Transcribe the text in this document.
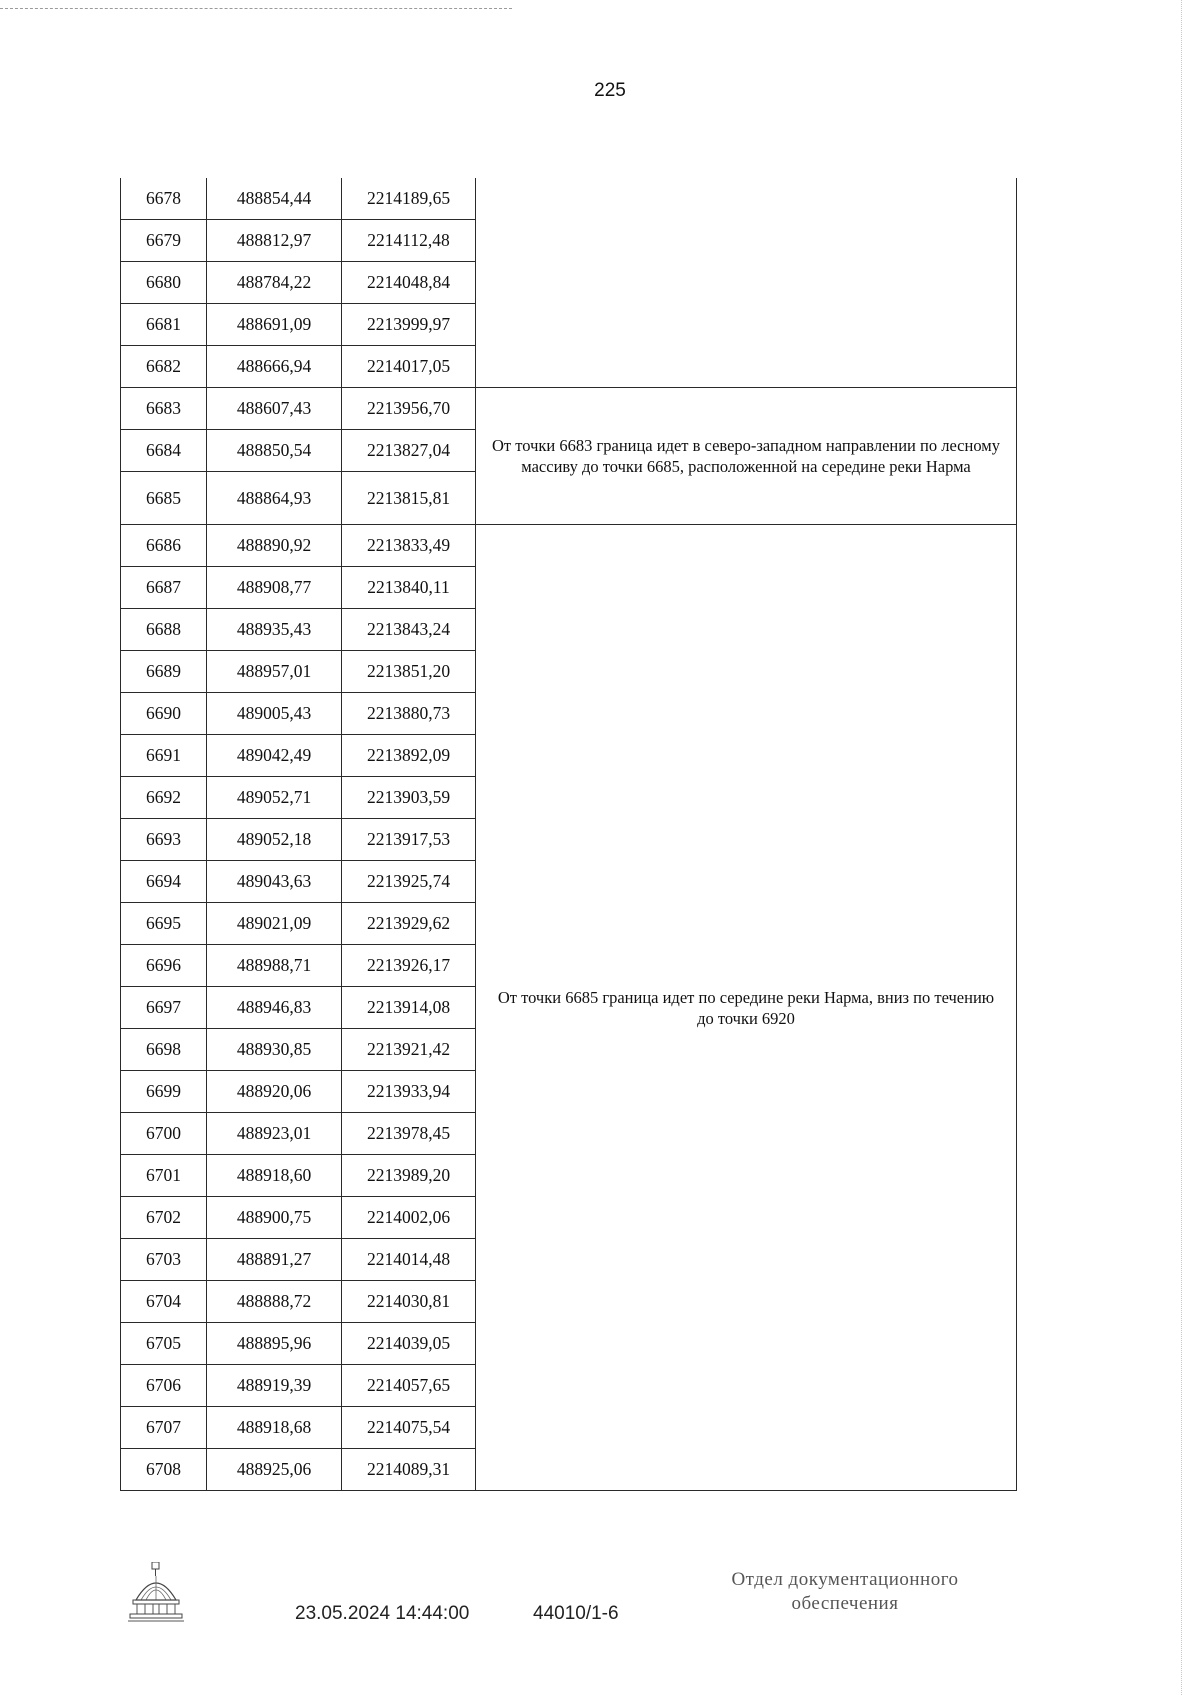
225
6678	488854,44	2214189,65	
6679	488812,97	2214112,48	
6680	488784,22	2214048,84	
6681	488691,09	2213999,97	
6682	488666,94	2214017,05	
6683	488607,43	2213956,70	От точки 6683 граница идет в северо-западном направлении по лесному массиву до точки 6685, расположенной на середине реки Нарма
6684	488850,54	2213827,04	
6685	488864,93	2213815,81	
6686	488890,92	2213833,49	От точки 6685 граница идет по середине реки Нарма, вниз по течению до точки 6920
6687	488908,77	2213840,11	
6688	488935,43	2213843,24	
6689	488957,01	2213851,20	
6690	489005,43	2213880,73	
6691	489042,49	2213892,09	
6692	489052,71	2213903,59	
6693	489052,18	2213917,53	
6694	489043,63	2213925,74	
6695	489021,09	2213929,62	
6696	488988,71	2213926,17	
6697	488946,83	2213914,08	
6698	488930,85	2213921,42	
6699	488920,06	2213933,94	
6700	488923,01	2213978,45	
6701	488918,60	2213989,20	
6702	488900,75	2214002,06	
6703	488891,27	2214014,48	
6704	488888,72	2214030,81	
6705	488895,96	2214039,05	
6706	488919,39	2214057,65	
6707	488918,68	2214075,54	
6708	488925,06	2214089,31	
23.05.2024 14:44:00	44010/1-6
Отдел документационного
обеспечения
